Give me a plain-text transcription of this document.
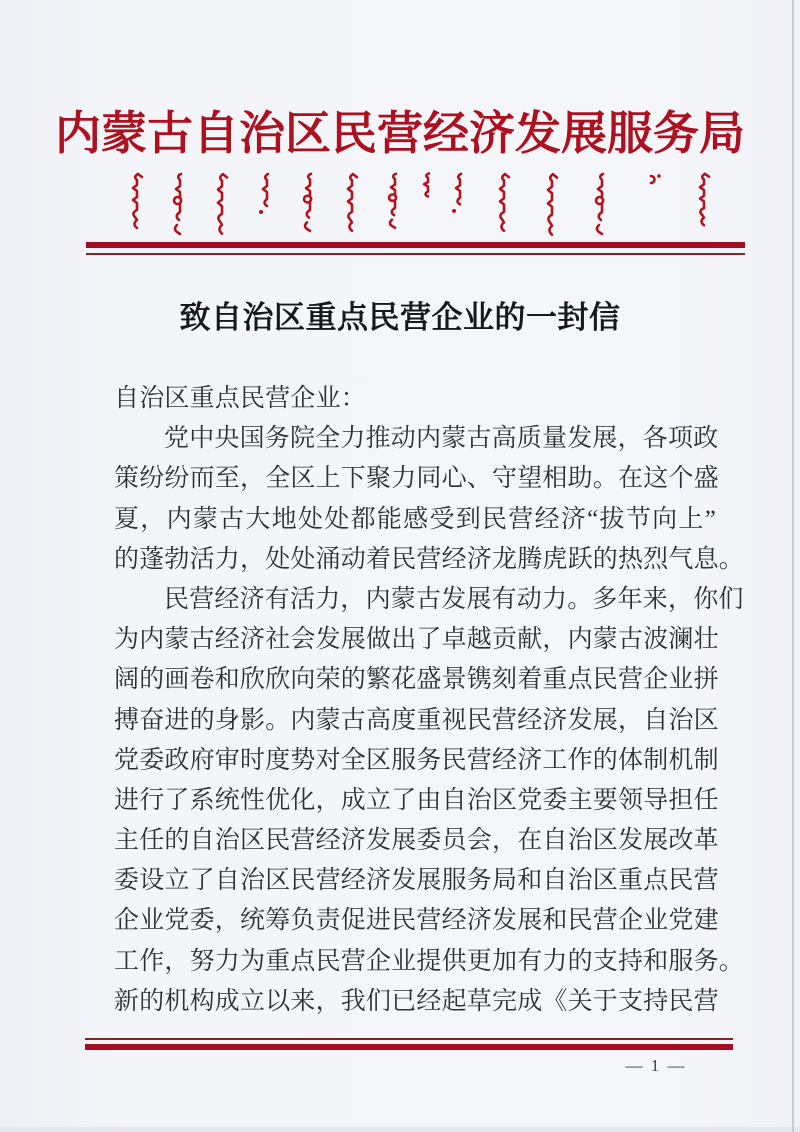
内蒙古自治区民营经济发展服务局
致自治区重点民营企业的一封信
自治区重点民营企业：
党中央国务院全力推动内蒙古高质量发展，各项政
策纷纷而至，全区上下聚力同心、守望相助。在这个盛
夏，内蒙古大地处处都能感受到民营经济“拔节向上”
的蓬勃活力，处处涌动着民营经济龙腾虎跃的热烈气息。
民营经济有活力，内蒙古发展有动力。多年来，你们
为内蒙古经济社会发展做出了卓越贡献，内蒙古波澜壮
阔的画卷和欣欣向荣的繁花盛景镌刻着重点民营企业拼
搏奋进的身影。内蒙古高度重视民营经济发展，自治区
党委政府审时度势对全区服务民营经济工作的体制机制
进行了系统性优化，成立了由自治区党委主要领导担任
主任的自治区民营经济发展委员会，在自治区发展改革
委设立了自治区民营经济发展服务局和自治区重点民营
企业党委，统筹负责促进民营经济发展和民营企业党建
工作，努力为重点民营企业提供更加有力的支持和服务。
新的机构成立以来，我们已经起草完成《关于支持民营
— 1 —
